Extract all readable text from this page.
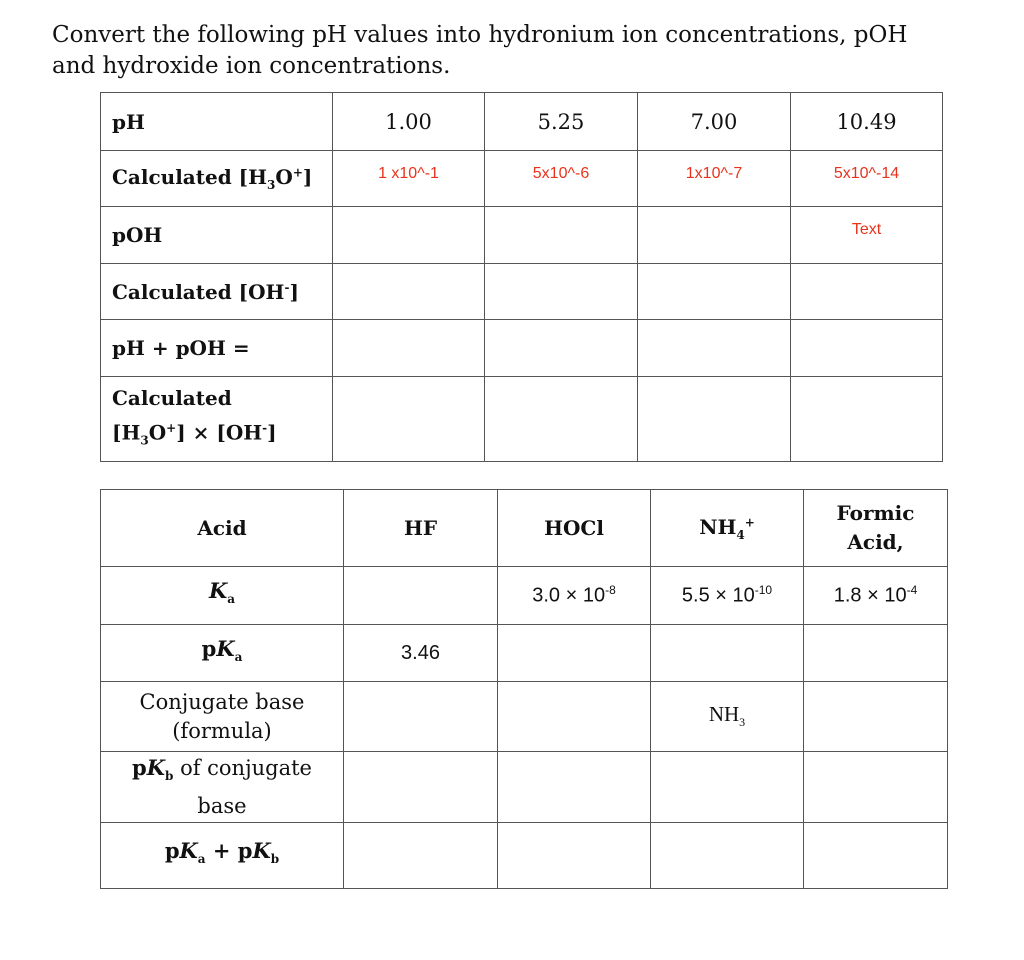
Convert the following pH values into hydronium ion concentrations, pOH and hydroxide ion concentrations.
pH	1.00	5.25	7.00	10.49
Calculated $[H_3O^+]$	1 x10^-1	5x10^-6	1x10^-7	5x10^-14
pOH				Text
Calculated [OH-]				
pH + pOH =				
Calculated
$[H_3O^+] \times [OH^-]$				
Acid	HF	HOCl	$NH_4^+$	Formic
Acid,
$K_a$		$3.0 \times 10^{-8}$	$5.5 \times 10^{-10}$	$1.8 \times 10^{-4}$
$pK_a$	3.46			
Conjugate base
(formula)			$NH_3$	
$pK_b$ of conjugate
base				
$pK_a + pK_b$				
